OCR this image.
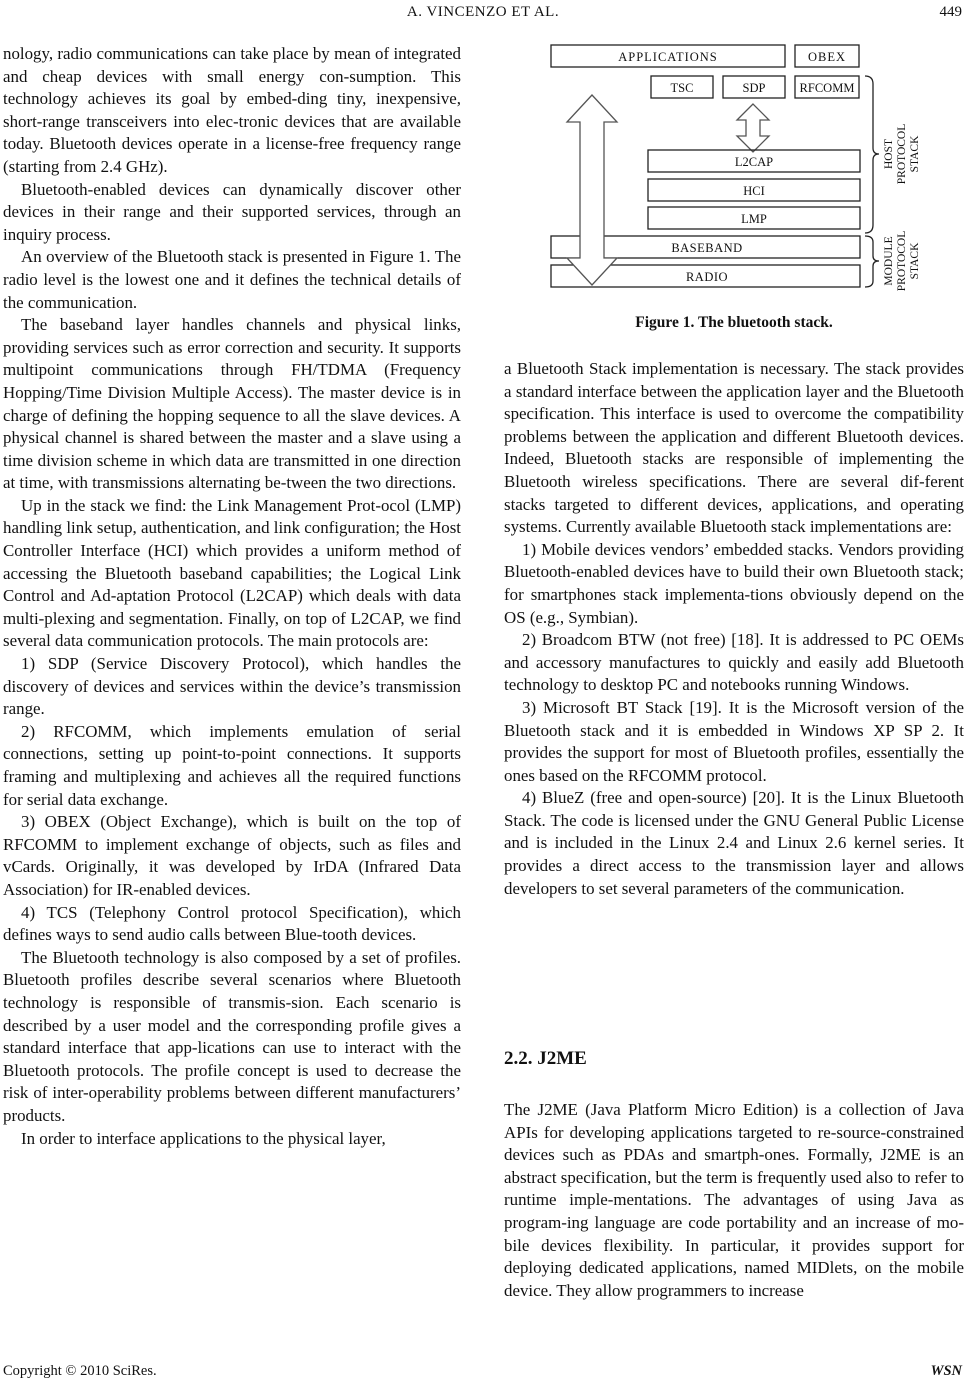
A. VINCENZO ET AL.	449

nology, radio communications can take place by mean of integrated and cheap devices with small energy con-sumption. This technology achieves its goal by embed-ding tiny, inexpensive, short-range transceivers into elec-tronic devices that are available today. Bluetooth devices operate in a license-free frequency range (starting from 2.4 GHz).

Bluetooth-enabled devices can dynamically discover other devices in their range and their supported services, through an inquiry process.

An overview of the Bluetooth stack is presented in Figure 1. The radio level is the lowest one and it defines the technical details of the communication.

The baseband layer handles channels and physical links, providing services such as error correction and security. It supports multipoint communications through FH/TDMA (Frequency Hopping/Time Division Multiple Access). The master device is in charge of defining the hopping sequence to all the slave devices. A physical channel is shared between the master and a slave using a time division scheme in which data are transmitted in one direction at time, with transmissions alternating be-tween the two directions.

Up in the stack we find: the Link Management Prot-ocol (LMP) handling link setup, authentication, and link configuration; the Host Controller Interface (HCI) which provides a uniform method of accessing the Bluetooth baseband capabilities; the Logical Link Control and Ad-aptation Protocol (L2CAP) which deals with data multi-plexing and segmentation. Finally, on top of L2CAP, we find several data communication protocols. The main protocols are:

1) SDP (Service Discovery Protocol), which handles the discovery of devices and services within the device’s transmission range.

2) RFCOMM, which implements emulation of serial connections, setting up point-to-point connections. It supports framing and multiplexing and achieves all the required functions for serial data exchange.

3) OBEX (Object Exchange), which is built on the top of RFCOMM to implement exchange of objects, such as files and vCards. Originally, it was developed by IrDA (Infrared Data Association) for IR-enabled devices.

4) TCS (Telephony Control protocol Specification), which defines ways to send audio calls between Blue-tooth devices.

The Bluetooth technology is also composed by a set of profiles. Bluetooth profiles describe several scenarios where Bluetooth technology is responsible of transmis-sion. Each scenario is described by a user model and the corresponding profile gives a standard interface that app-lications can use to interact with the Bluetooth protocols. The profile concept is used to decrease the risk of inter-operability problems between different manufacturers’ products.

In order to interface applications to the physical layer,

APPLICATIONS	OBEX
TSC	SDP	RFCOMM
L2CAP
HCI
LMP
BASEBAND
RADIO
HOST PROTOCOL STACK
MODULE PROTOCOL STACK
Figure 1. The bluetooth stack.

a Bluetooth Stack implementation is necessary. The stack provides a standard interface between the application layer and the Bluetooth specification. This interface is used to overcome the compatibility problems between the application and different Bluetooth devices. Indeed, Bluetooth stacks are responsible of implementing the Bluetooth wireless specifications. There are several dif-ferent stacks targeted to different devices, applications, and operating systems. Currently available Bluetooth stack implementations are:

1) Mobile devices vendors’ embedded stacks. Vendors providing Bluetooth-enabled devices have to build their own Bluetooth stack; for smartphones stack implementa-tions obviously depend on the OS (e.g., Symbian).

2) Broadcom BTW (not free) [18]. It is addressed to PC OEMs and accessory manufactures to quickly and easily add Bluetooth technology to desktop PC and notebooks running Windows.

3) Microsoft BT Stack [19]. It is the Microsoft version of the Bluetooth stack and it is embedded in Windows XP SP 2. It provides the support for most of Bluetooth profiles, essentially the ones based on the RFCOMM protocol.

4) BlueZ (free and open-source) [20]. It is the Linux Bluetooth Stack. The code is licensed under the GNU General Public License and is included in the Linux 2.4 and Linux 2.6 kernel series. It provides a direct access to the transmission layer and allows developers to set several parameters of the communication.

2.2. J2ME

The J2ME (Java Platform Micro Edition) is a collection of Java APIs for developing applications targeted to re-source-constrained devices such as PDAs and smartph-ones. Formally, J2ME is an abstract specification, but the term is frequently used also to refer to runtime imple-mentations. The advantages of using Java as program-ing language are code portability and an increase of mo-bile devices flexibility. In particular, it provides support for deploying dedicated applications, named MIDlets, on the mobile device. They allow programmers to increase

Copyright © 2010 SciRes.	WSN
